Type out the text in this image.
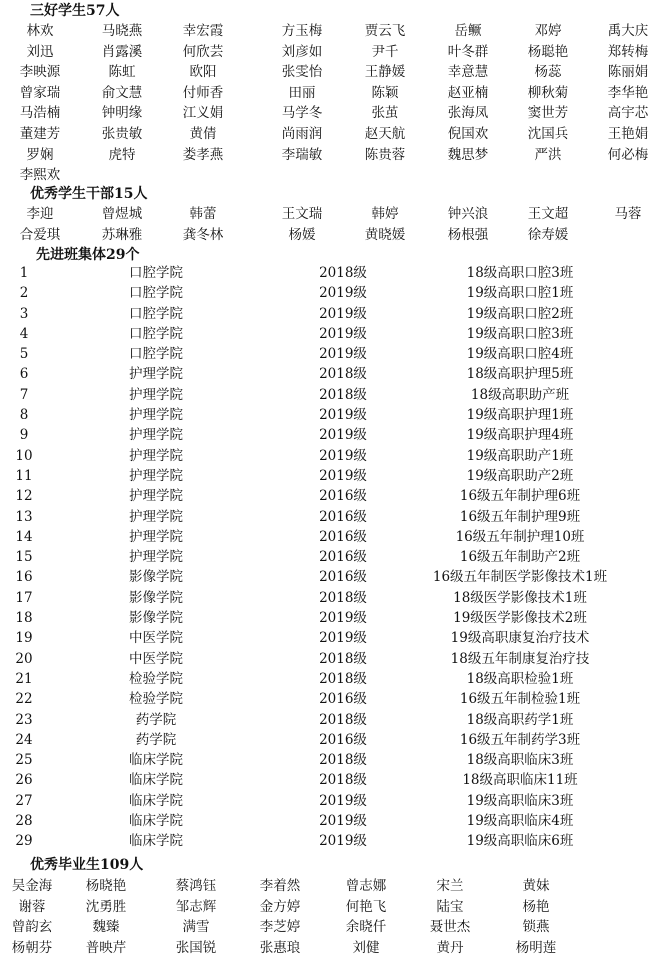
三好学生57人
林欢	马晓燕	幸宏霞	方玉梅	贾云飞	岳鳜	邓婷	禹大庆
刘迅	肖露溪	何欣芸	刘彦如	尹千	叶冬群	杨聪艳	郑转梅
李映源	陈虹	欧阳	张雯怡	王静媛	幸意慧	杨蕊	陈丽娟
曾家瑞	俞文慧	付师香	田丽	陈颖	赵亚楠	柳秋菊	李华艳
马浩楠	钟明缘	江义娟	马学冬	张茧	张海凤	窦世芳	高宇芯
董建芳	张贵敏	黄倩	尚雨润	赵天航	倪国欢	沈国兵	王艳娟
罗娴	虎特	娄孝燕	李瑞敏	陈贵蓉	魏思梦	严洪	何必梅
李熙欢
优秀学生干部15人
李迎	曾煜城	韩蕾	王文瑞	韩婷	钟兴浪	王文超	马蓉
合爱琪	苏琳雅	龚冬林	杨媛	黄晓媛	杨根强	徐寿媛
先进班集体29个
1	口腔学院	2018级	18级高职口腔3班
2	口腔学院	2019级	19级高职口腔1班
3	口腔学院	2019级	19级高职口腔2班
4	口腔学院	2019级	19级高职口腔3班
5	口腔学院	2019级	19级高职口腔4班
6	护理学院	2018级	18级高职护理5班
7	护理学院	2018级	18级高职助产班
8	护理学院	2019级	19级高职护理1班
9	护理学院	2019级	19级高职护理4班
10	护理学院	2019级	19级高职助产1班
11	护理学院	2019级	19级高职助产2班
12	护理学院	2016级	16级五年制护理6班
13	护理学院	2016级	16级五年制护理9班
14	护理学院	2016级	16级五年制护理10班
15	护理学院	2016级	16级五年制助产2班
16	影像学院	2016级	16级五年制医学影像技术1班
17	影像学院	2018级	18级医学影像技术1班
18	影像学院	2019级	19级医学影像技术2班
19	中医学院	2019级	19级高职康复治疗技术
20	中医学院	2018级	18级五年制康复治疗技
21	检验学院	2018级	18级高职检验1班
22	检验学院	2016级	16级五年制检验1班
23	药学院	2018级	18级高职药学1班
24	药学院	2016级	16级五年制药学3班
25	临床学院	2018级	18级高职临床3班
26	临床学院	2018级	18级高职临床11班
27	临床学院	2019级	19级高职临床3班
28	临床学院	2019级	19级高职临床4班
29	临床学院	2019级	19级高职临床6班
优秀毕业生109人
吴金海	杨晓艳	蔡鸿钰	李着然	曾志娜	宋兰	黄妹
谢蓉	沈勇胜	邹志辉	金方婷	何艳飞	陆宝	杨艳
曾韵玄	魏臻	满雪	李芝婷	余晓仟	聂世杰	锁燕
杨朝芬	普映芹	张国锐	张惠琅	刘健	黄丹	杨明莲
